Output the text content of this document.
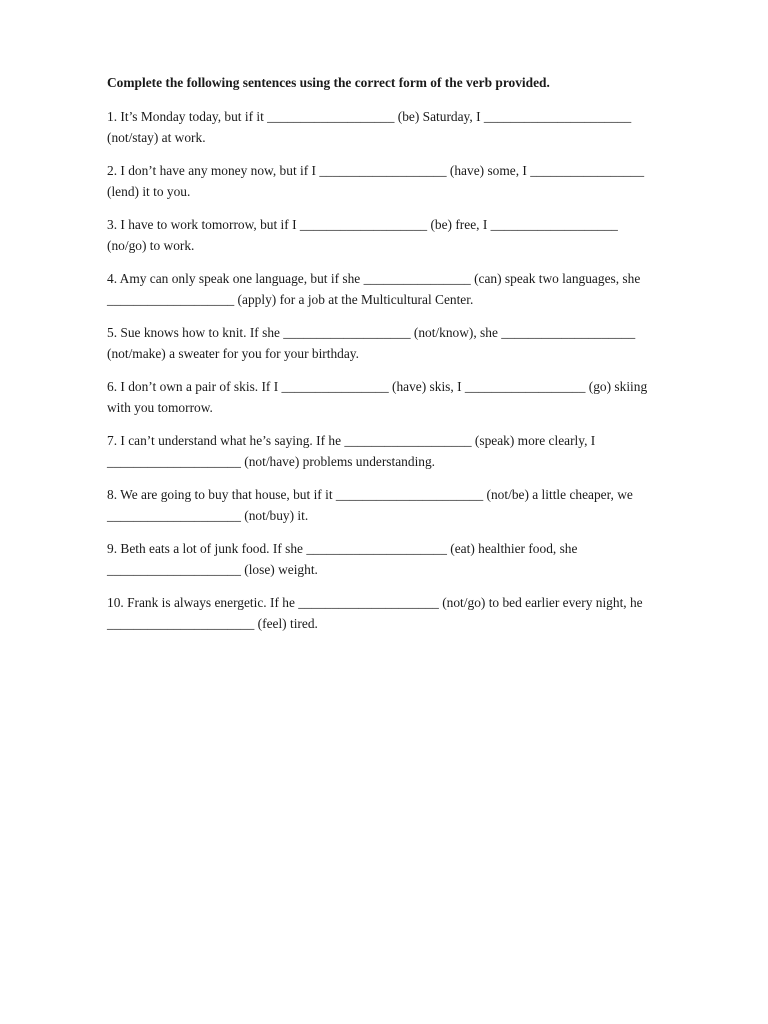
Complete the following sentences using the correct form of the verb provided.
1. It’s Monday today, but if it ___________________ (be) Saturday, I ______________________
(not/stay) at work.
2. I don’t have any money now, but if I ___________________ (have) some, I _________________
(lend) it to you.
3. I have to work tomorrow, but if I ___________________ (be) free, I ___________________
(no/go) to work.
4. Amy can only speak one language, but if she ________________ (can) speak two languages, she
___________________ (apply) for a job at the Multicultural Center.
5. Sue knows how to knit. If she ___________________ (not/know), she ____________________
(not/make) a sweater for you for your birthday.
6. I don’t own a pair of skis. If I ________________ (have) skis, I __________________ (go) skiing
with you tomorrow.
7. I can’t understand what he’s saying. If he ___________________ (speak) more clearly, I
____________________ (not/have) problems understanding.
8. We are going to buy that house, but if it ______________________ (not/be) a little cheaper, we
____________________ (not/buy) it.
9. Beth eats a lot of junk food. If she _____________________ (eat) healthier food, she
____________________ (lose) weight.
10. Frank is always energetic. If he _____________________ (not/go) to bed earlier every night, he
______________________ (feel) tired.
